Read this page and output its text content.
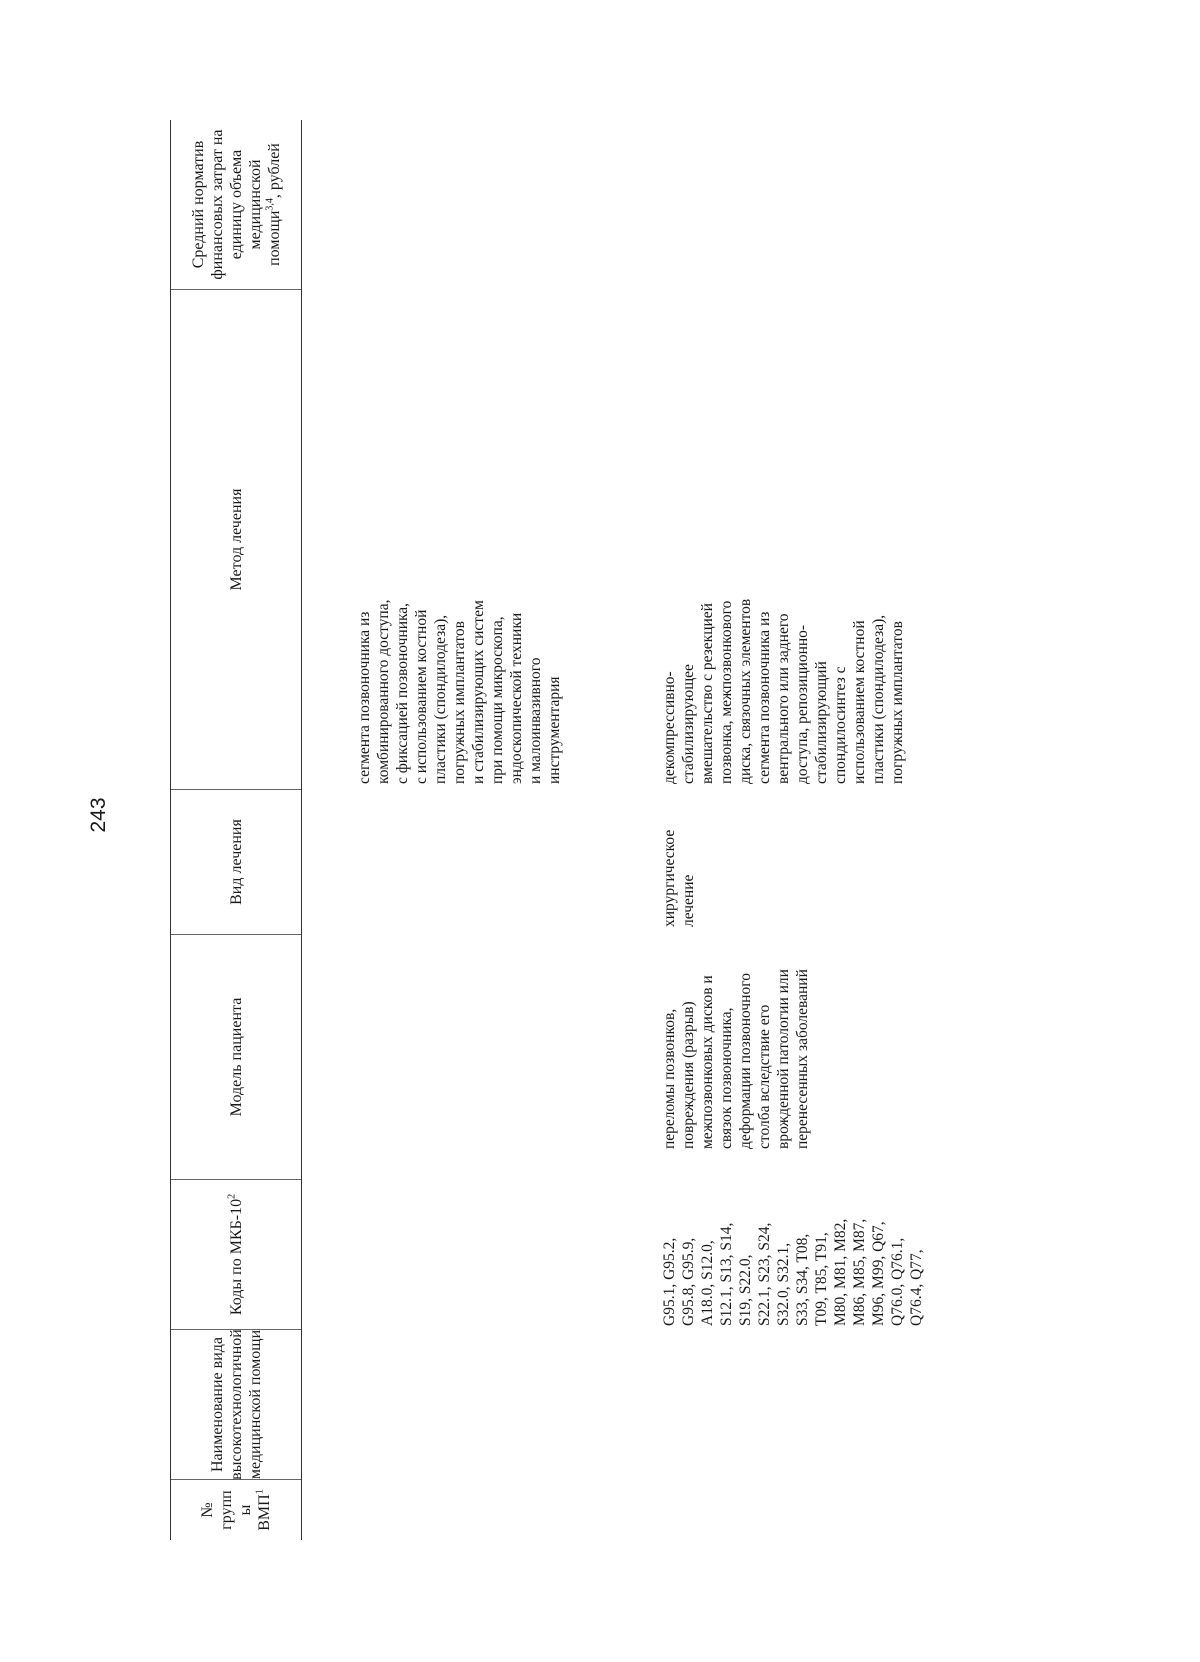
243
№ групп ы ВМП$^1$
Наименование вида высокотехнологичной медицинской помощи
Коды по МКБ-$10^2$
Модель пациента
Вид лечения
Метод лечения
Средний норматив финансовых затрат на единицу объема медицинской помощи$^{3,4}$, рублей
сегмента позвоночника из
комбинированного доступа,
с фиксацией позвоночника,
с использованием костной
пластики (спондилодеза),
погружных имплантатов
и стабилизирующих систем
при помощи микроскопа,
эндоскопической техники
и малоинвазивного
инструментария
G95.1, G95.2,
G95.8, G95.9,
A18.0, S12.0,
S12.1, S13, S14,
S19, S22.0,
S22.1, S23, S24,
S32.0, S32.1,
S33, S34, T08,
T09, T85, T91,
M80, M81, M82,
M86, M85, M87,
M96, M99, Q67,
Q76.0, Q76.1,
Q76.4, Q77,
переломы позвонков,
повреждения (разрыв)
межпозвонковых дисков и
связок позвоночника,
деформации позвоночного
столба вследствие его
врожденной патологии или
перенесенных заболеваний
хирургическое
лечение
декомпрессивно-
стабилизирующее
вмешательство с резекцией
позвонка, межпозвонкового
диска, связочных элементов
сегмента позвоночника из
вентрального или заднего
доступа, репозиционно-
стабилизирующий
спондилосинтез с
использованием костной
пластики (спондилодеза),
погружных имплантатов
